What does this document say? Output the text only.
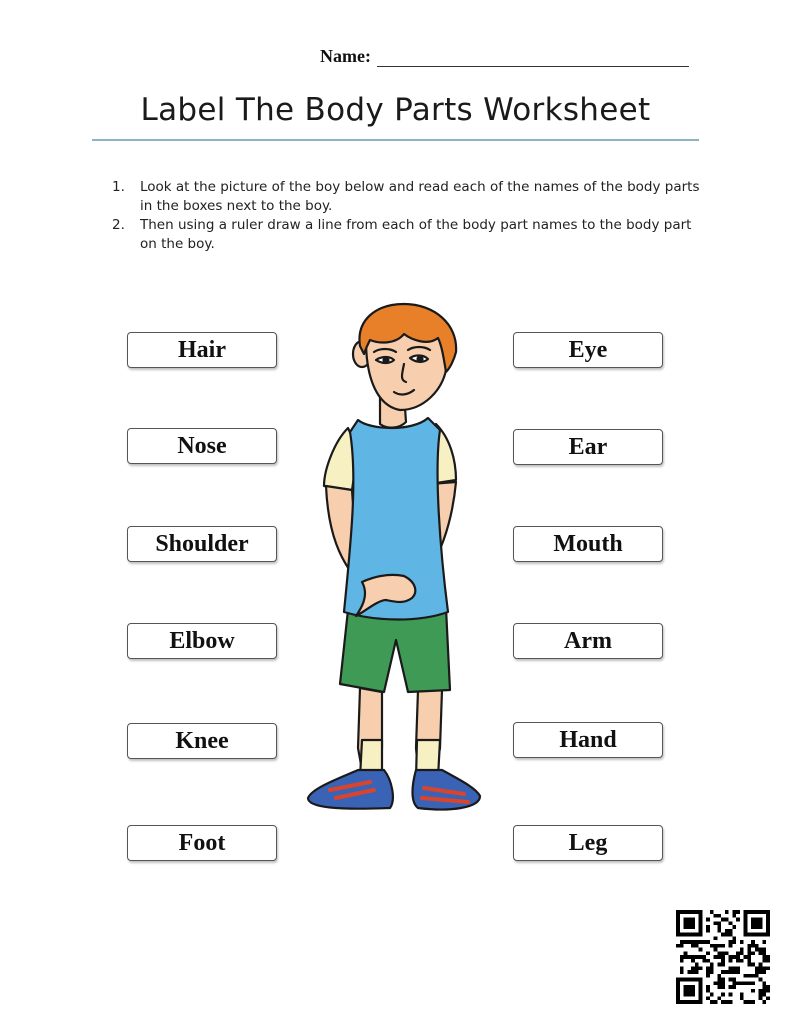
Name:
Label The Body Parts Worksheet
1.	Look at the picture of the boy below and read each of the names of the body parts in the boxes next to the boy.
2.	Then using a ruler draw a line from each of the body part names to the body part on the boy.
Hair
Nose
Shoulder
Elbow
Knee
Foot
Eye
Ear
Mouth
Arm
Hand
Leg
